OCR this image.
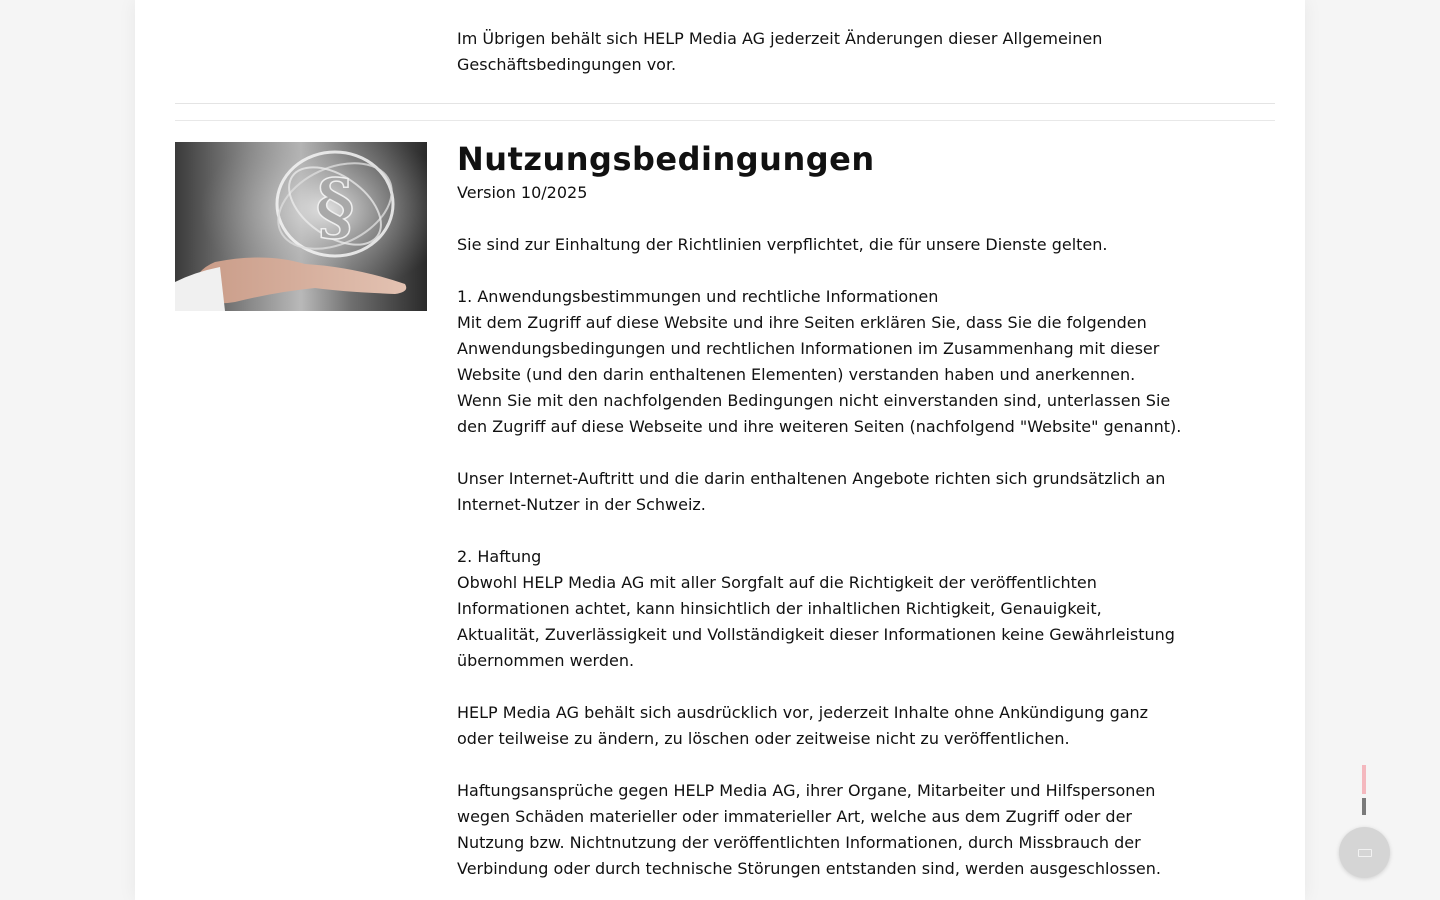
Im Übrigen behält sich HELP Media AG jederzeit Änderungen dieser Allgemeinen Geschäftsbedingungen vor.

§
Nutzungsbedingungen

Version 10/2025

Sie sind zur Einhaltung der Richtlinien verpflichtet, die für unsere Dienste gelten.

1. Anwendungsbestimmungen und rechtliche Informationen
Mit dem Zugriff auf diese Website und ihre Seiten erklären Sie, dass Sie die folgenden Anwendungsbedingungen und rechtlichen Informationen im Zusammenhang mit dieser Website (und den darin enthaltenen Elementen) verstanden haben und anerkennen. Wenn Sie mit den nachfolgenden Bedingungen nicht einverstanden sind, unterlassen Sie den Zugriff auf diese Webseite und ihre weiteren Seiten (nachfolgend "Website" genannt).

Unser Internet-Auftritt und die darin enthaltenen Angebote richten sich grundsätzlich an Internet-Nutzer in der Schweiz.

2. Haftung
Obwohl HELP Media AG mit aller Sorgfalt auf die Richtigkeit der veröffentlichten Informationen achtet, kann hinsichtlich der inhaltlichen Richtigkeit, Genauigkeit, Aktualität, Zuverlässigkeit und Vollständigkeit dieser Informationen keine Gewährleistung übernommen werden.

HELP Media AG behält sich ausdrücklich vor, jederzeit Inhalte ohne Ankündigung ganz oder teilweise zu ändern, zu löschen oder zeitweise nicht zu veröffentlichen.

Haftungsansprüche gegen HELP Media AG, ihrer Organe, Mitarbeiter und Hilfspersonen wegen Schäden materieller oder immaterieller Art, welche aus dem Zugriff oder der Nutzung bzw. Nichtnutzung der veröffentlichten Informationen, durch Missbrauch der Verbindung oder durch technische Störungen entstanden sind, werden ausgeschlossen.
